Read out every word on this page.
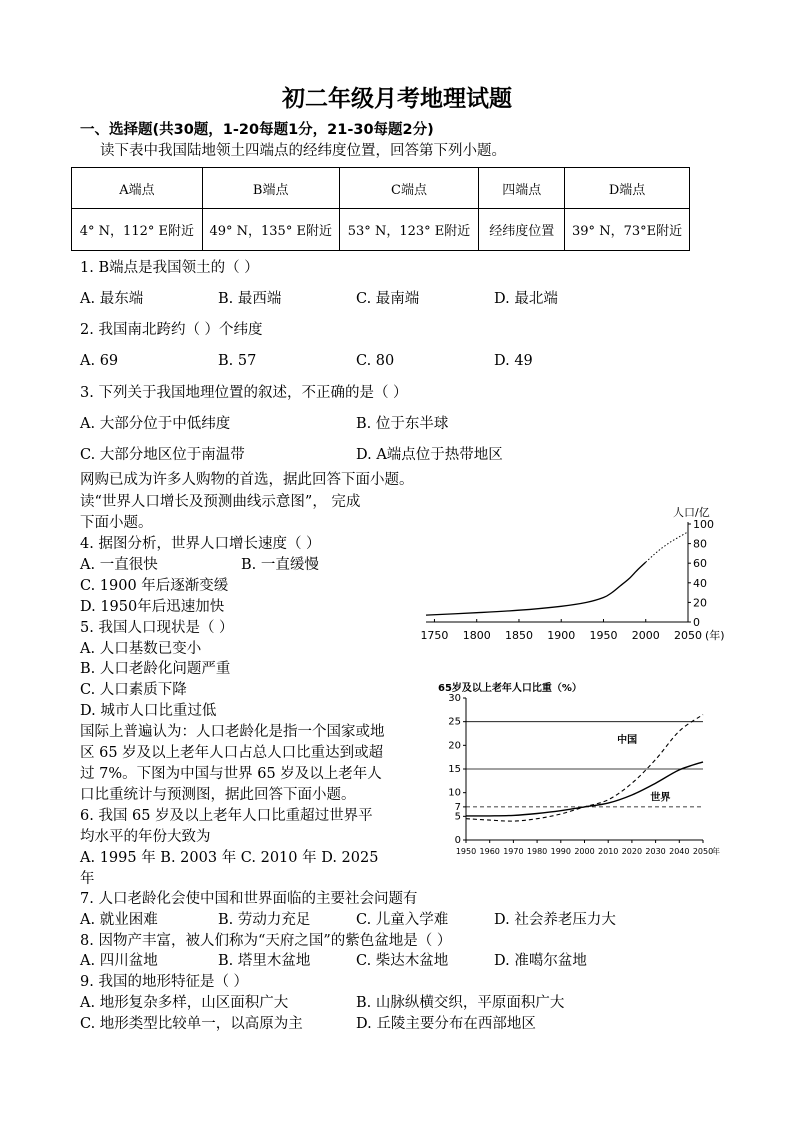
初二年级月考地理试题
一、选择题(共30题，1-20每题1分，21-30每题2分)
读下表中我国陆地领土四端点的经纬度位置，回答第下列小题。
A端点	B端点	C端点	四端点	D端点
4° N，112° E附近	49° N，135° E附近	53° N，123° E附近	经纬度位置	39° N，73°E附近
1. B端点是我国领土的（ ）
A. 最东端	B. 最西端	C. 最南端	D. 最北端
2. 我国南北跨约（ ）个纬度
A. 69	B. 57	C. 80	D. 49
3. 下列关于我国地理位置的叙述，不正确的是（ ）
A. 大部分位于中低纬度	B. 位于东半球
C. 大部分地区位于南温带	D. A端点位于热带地区
网购已成为许多人购物的首选，据此回答下面小题。
读“世界人口增长及预测曲线示意图”， 完成
下面小题。
4. 据图分析，世界人口增长速度（ ）
A. 一直很快	B. 一直缓慢
C. 1900 年后逐渐变缓
D. 1950年后迅速加快
5. 我国人口现状是（ ）
A. 人口基数已变小
B. 人口老龄化问题严重
C. 人口素质下降
D. 城市人口比重过低
国际上普遍认为：人口老龄化是指一个国家或地
区 65 岁及以上老年人口占总人口比重达到或超
过 7%。下图为中国与世界 65 岁及以上老年人
口比重统计与预测图，据此回答下面小题。
6. 我国 65 岁及以上老年人口比重超过世界平
均水平的年份大致为
A. 1995 年 B. 2003 年 C. 2010 年 D. 2025
年
7. 人口老龄化会使中国和世界面临的主要社会问题有
A. 就业困难	B. 劳动力充足	C. 儿童入学难	D. 社会养老压力大
8. 因物产丰富，被人们称为“天府之国”的紫色盆地是（ ）
A. 四川盆地	B. 塔里木盆地	C. 柴达木盆地	D. 准噶尔盆地
9. 我国的地形特征是（ ）
A. 地形复杂多样，山区面积广大	B. 山脉纵横交织，平原面积广大
C. 地形类型比较单一，以高原为主	D. 丘陵主要分布在西部地区
1750 1800 1850 1900 1950 2000 2050
0
20
40
60
80
100
人口/亿
(年)
65岁及以上老年人口比重（%）
0
5
7
10
15
20
25
30
1950 1960 1970 1980 1990 2000 2010 2020 2030 2040 2050
年
中国
世界
